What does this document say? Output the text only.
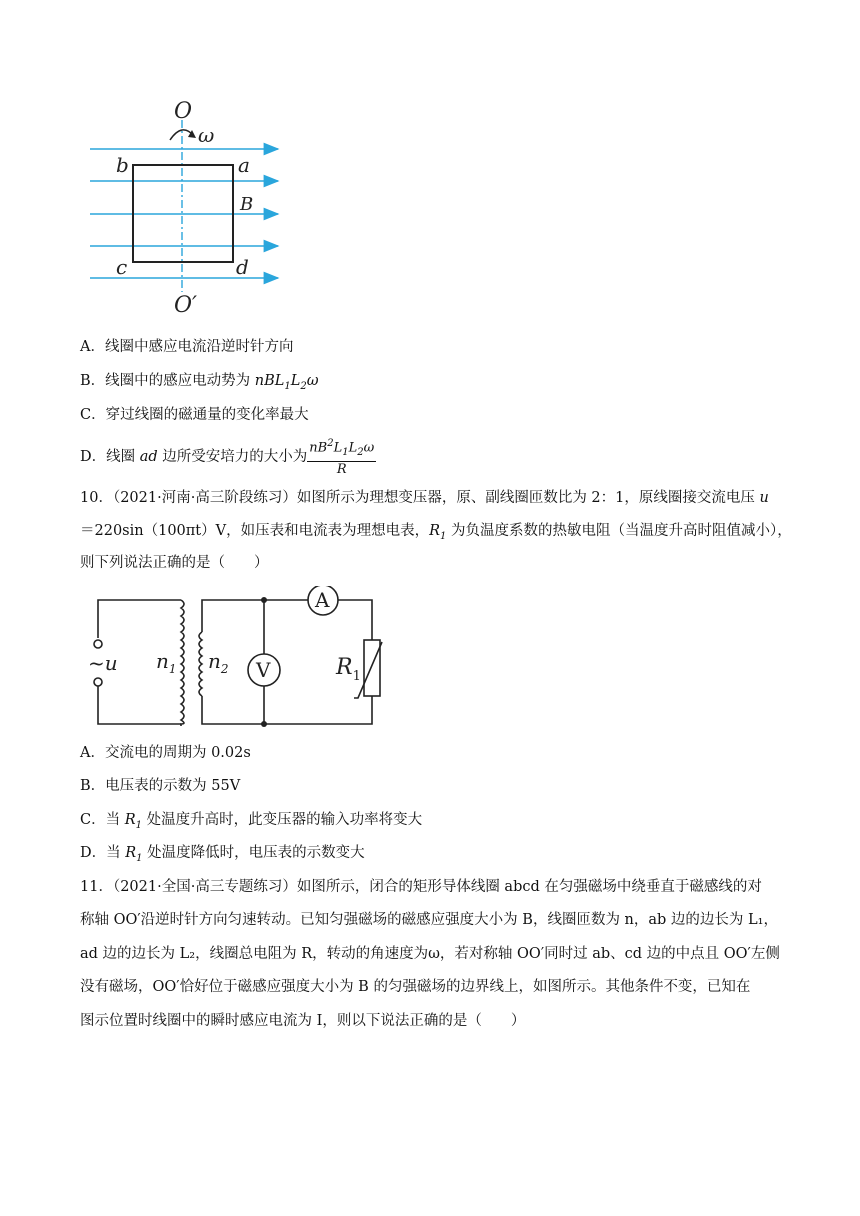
O
ω
b	a
B
c	d
O′
A．线圈中感应电流沿逆时针方向
B．线圈中的感应电动势为 $nBL_1L_2\omega$
C．穿过线圈的磁通量的变化率最大
D．线圈 ad 边所受安培力的大小为 $\frac{nB^2L_1L_2\omega}{R}$
10．（2021·河南·高三阶段练习）如图所示为理想变压器，原、副线圈匝数比为 2：1，原线圈接交流电压 u
＝220sin（100πt）V，如压表和电流表为理想电表，$R_1$ 为负温度系数的热敏电阻（当温度升高时阻值减小），
则下列说法正确的是（　　）
~u $n_1$ $n_2$ V
A
$R_1$
A．交流电的周期为 0.02s
B．电压表的示数为 55V
C．当 $R_1$ 处温度升高时，此变压器的输入功率将变大
D．当 $R_1$ 处温度降低时，电压表的示数变大
11．（2021·全国·高三专题练习）如图所示，闭合的矩形导体线圈 abcd 在匀强磁场中绕垂直于磁感线的对
称轴 OO′沿逆时针方向匀速转动。已知匀强磁场的磁感应强度大小为 B，线圈匝数为 n，ab 边的边长为 L₁，
ad 边的边长为 L₂，线圈总电阻为 R，转动的角速度为ω，若对称轴 OO′同时过 ab、cd 边的中点且 OO′左侧
没有磁场，OO′恰好位于磁感应强度大小为 B 的匀强磁场的边界线上，如图所示。其他条件不变，已知在
图示位置时线圈中的瞬时感应电流为 I，则以下说法正确的是（　　）
